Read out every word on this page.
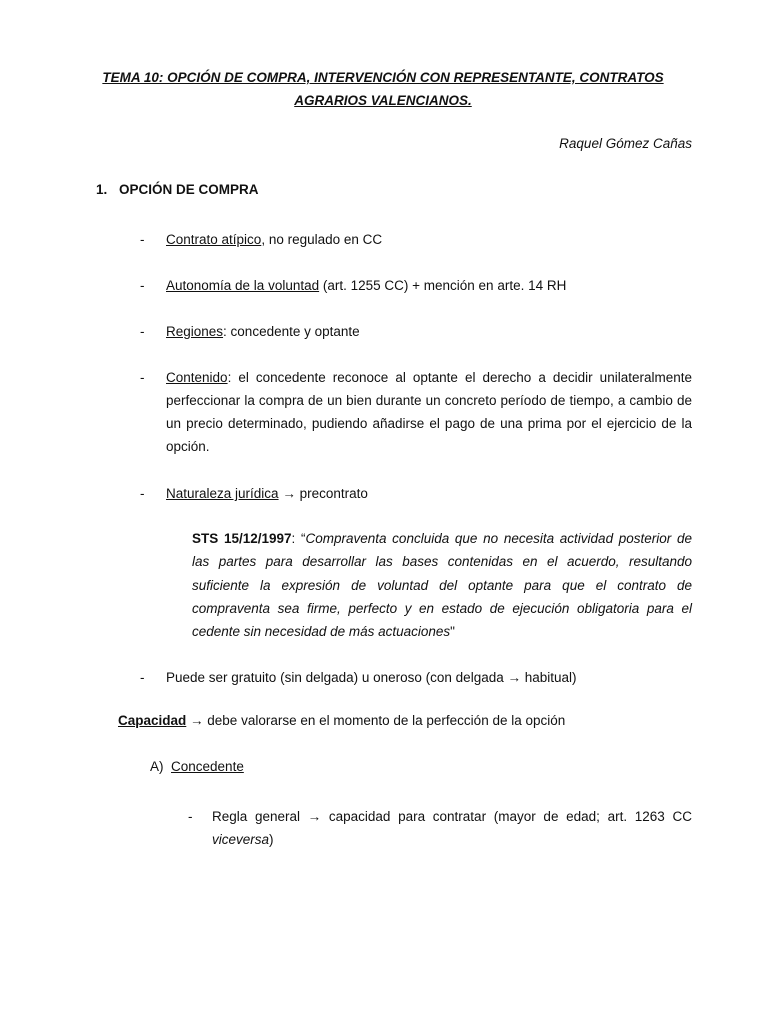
TEMA 10: OPCIÓN DE COMPRA, INTERVENCIÓN CON REPRESENTANTE, CONTRATOS
AGRARIOS VALENCIANOS.
Raquel Gómez Cañas
1. OPCIÓN DE COMPRA
- Contrato atípico, no regulado en CC
- Autonomía de la voluntad (art. 1255 CC) + mención en arte. 14 RH
- Regiones: concedente y optante
- Contenido: el concedente reconoce al optante el derecho a decidir unilateralmente perfeccionar la compra de un bien durante un concreto período de tiempo, a cambio de un precio determinado, pudiendo añadirse el pago de una prima por el ejercicio de la opción.
- Naturaleza jurídica → precontrato
STS 15/12/1997: “Compraventa concluida que no necesita actividad posterior de las partes para desarrollar las bases contenidas en el acuerdo, resultando suficiente la expresión de voluntad del optante para que el contrato de compraventa sea firme, perfecto y en estado de ejecución obligatoria para el cedente sin necesidad de más actuaciones"
- Puede ser gratuito (sin delgada) u oneroso (con delgada → habitual)
Capacidad → debe valorarse en el momento de la perfección de la opción
A) Concedente
- Regla general → capacidad para contratar (mayor de edad; art. 1263 CC viceversa)
